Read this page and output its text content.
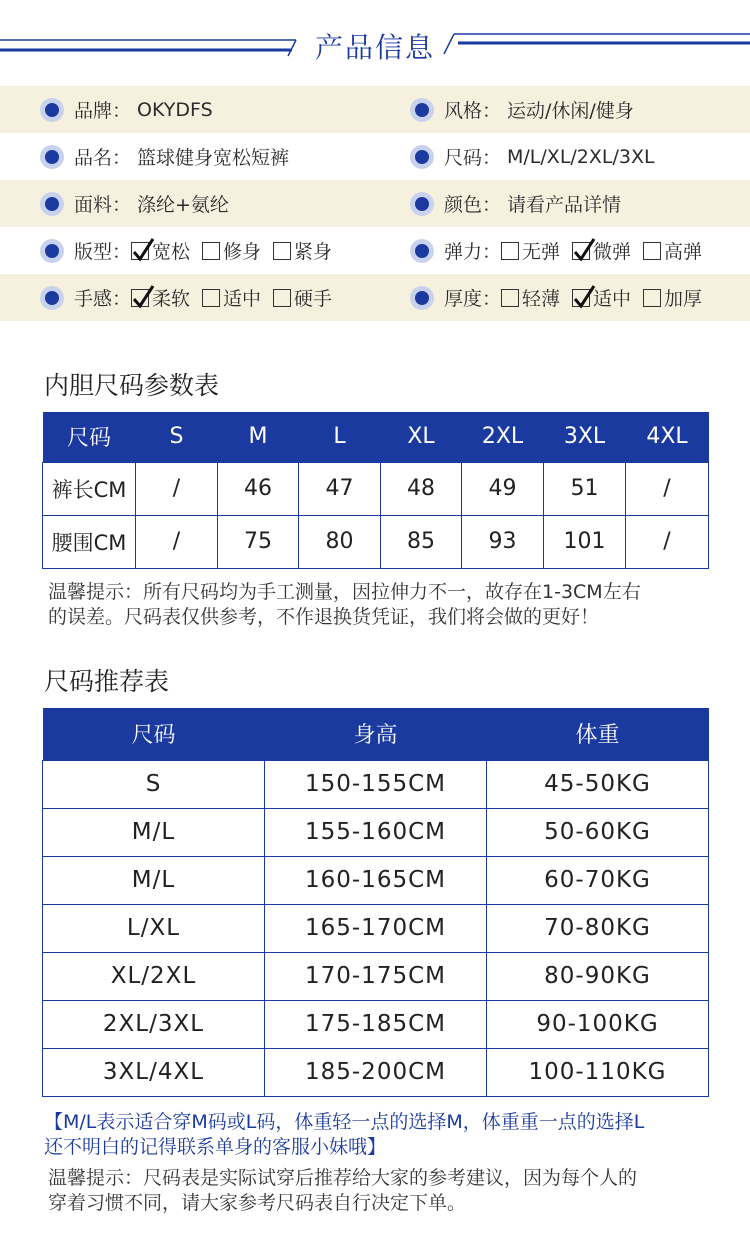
产品信息
品牌： OKYDFS	风格： 运动/休闲/健身
品名： 篮球健身宽松短裤	尺码： M/L/XL/2XL/3XL
面料： 涤纶+氨纶	颜色： 请看产品详情
版型： 宽松 修身 紧身	弹力： 无弹 微弹 高弹
手感： 柔软 适中 硬手	厚度： 轻薄 适中 加厚
内胆尺码参数表
尺码	S	M	L	XL	2XL	3XL	4XL
裤长CM	/	46	47	48	49	51	/
腰围CM	/	75	80	85	93	101	/
温馨提示：所有尺码均为手工测量，因拉伸力不一，故存在1-3CM左右
的误差。尺码表仅供参考，不作退换货凭证，我们将会做的更好！
尺码推荐表
尺码	身高	体重
S	150-155CM	45-50KG
M/L	155-160CM	50-60KG
M/L	160-165CM	60-70KG
L/XL	165-170CM	70-80KG
XL/2XL	170-175CM	80-90KG
2XL/3XL	175-185CM	90-100KG
3XL/4XL	185-200CM	100-110KG
【M/L表示适合穿M码或L码，体重轻一点的选择M，体重重一点的选择L
还不明白的记得联系单身的客服小妹哦】
温馨提示：尺码表是实际试穿后推荐给大家的参考建议，因为每个人的
穿着习惯不同，请大家参考尺码表自行决定下单。
